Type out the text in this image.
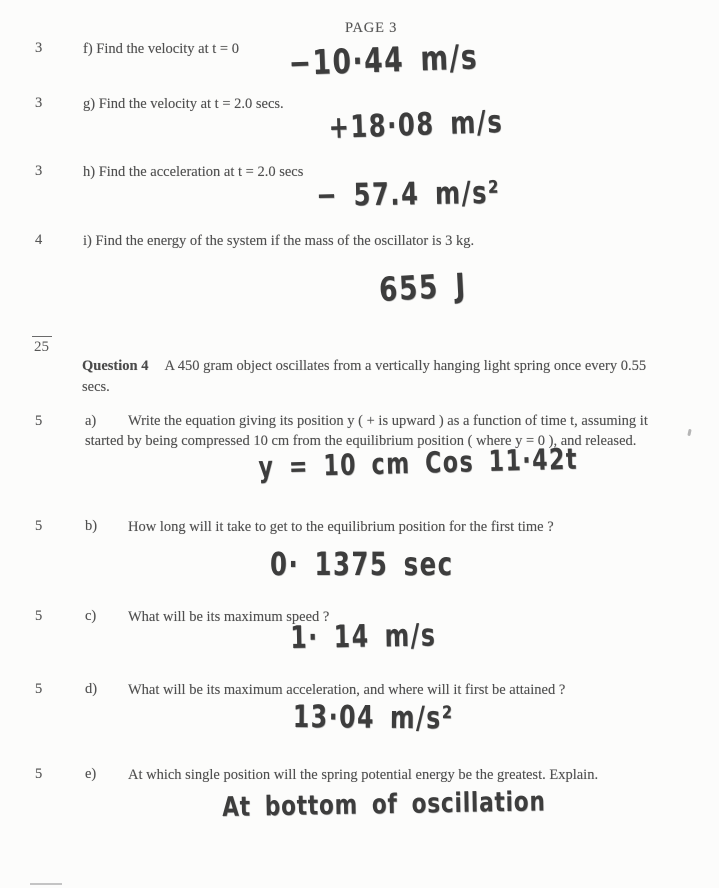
PAGE 3
3	f) Find the velocity at t = 0 −10·44 m/s
3	g) Find the velocity at t = 2.0 secs. +18·08 m/s
3	h) Find the acceleration at t = 2.0 secs
− 57.4 m/s²
4	i) Find the energy of the system if the mass of the oscillator is 3 kg.
655 J
25
Question 4 A 450 gram object oscillates from a vertically hanging light spring once every 0.55
secs.
5	a)	Write the equation giving its position y ( + is upward ) as a function of time t, assuming it
started by being compressed 10 cm from the equilibrium position ( where y = 0 ), and released.
y = 10 cm Cos 11·42t
5	b) How long will it take to get to the equilibrium position for the first time ?
0· 1375 sec
5	c) What will be its maximum speed ?
1· 14 m/s
5	d) What will be its maximum acceleration, and where will it first be attained ?
13·04 m/s²
5	e) At which single position will the spring potential energy be the greatest. Explain.
At bottom of oscillation
